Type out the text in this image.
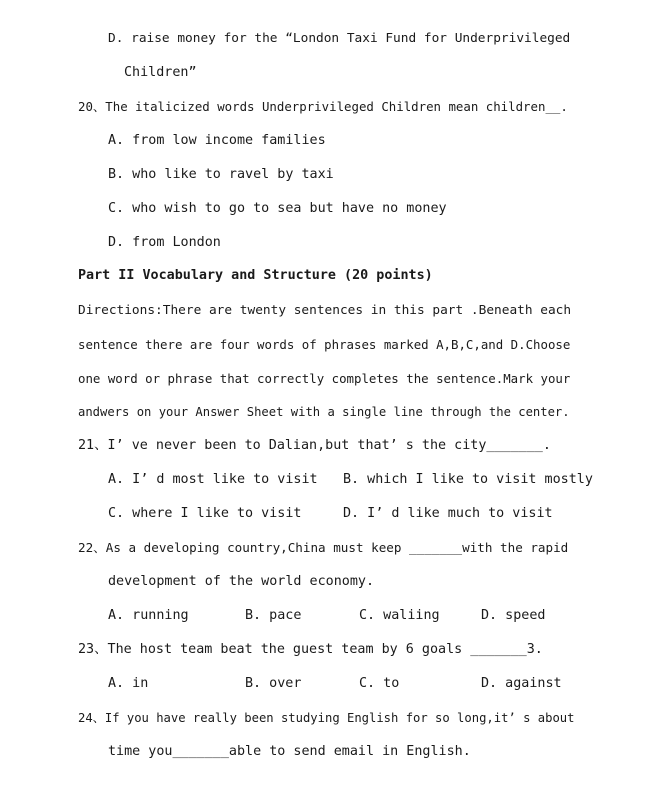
D. raise money for the “London Taxi Fund for Underprivileged
Children”
20、The italicized words Underprivileged Children mean children__.
A. from low income families
B. who like to ravel by taxi
C. who wish to go to sea but have no money
D. from London
Part II Vocabulary and Structure (20 points)
Directions:There are twenty sentences in this part .Beneath each
sentence there are four words of phrases marked A,B,C,and D.Choose
one word or phrase that correctly completes the sentence.Mark your
andwers on your Answer Sheet with a single line through the center.
21、I’ ve never been to Dalian,but that’ s the city_______.
A. I’ d most like to visit B. which I like to visit mostly
C. where I like to visit	D. I’ d like much to visit
22、As a developing country,China must keep _______with the rapid
development of the world economy.
A. running	B. pace	C. waliing	D. speed
23、The host team beat the guest team by 6 goals _______3.
A. in	B. over	C. to	D. against
24、If you have really been studying English for so long,it’ s about
time you_______able to send email in English.
